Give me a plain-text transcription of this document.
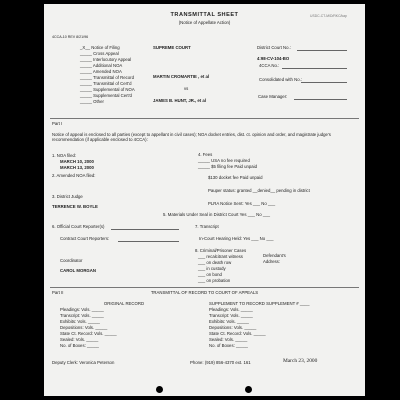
TRANSMITTAL SHEET
(Notice of Appellate Action)
USDC-CT-M/D/RKC/kap
4CCA-10 REV 8/21/96
_X__ Notice of Filing
_____ Cross Appeal
_____ Interlocutory Appeal
_____ Additional NOA
_____ Amended NOA
_____ Transmittal of Record
_____ Transmittal of Cert'd
_____ Supplemental of NOA
_____ Supplemental Cert'd
_____ Other
SUPREME COURT	District Court No.:
4:98-CV-104-BO
4CCA No.:
MARTIN CROMARTIE , et al
Consolidated with No.:
vs
JAMES B. HUNT, JR., et al
Case Manager:
Part I
Notice of appeal is enclosed to all parties (except to appellant in civil cases); NOA docket entries, dist. ct. opinion and order, and magistrate judge's recommendation (if applicable enclosed to 4CCA):
1. NOA filed:
MARCH 10, 2000
MARCH 13, 2000
2. Amended NOA filed:
4. Fees
_____ USA no fee required
_____ $5 filing fee Paid unpaid
$130 docket fee Paid unpaid
Pauper status: granted __denied__ pending in district
3. District Judge
TERRENCE W. BOYLE
PLRA Notice Sent: Yes ___ No ___
5. Materials Under Seal in District Court Yes ___ No ___
6. Official Court Reporter(s)	7. Transcript
Contract Court Reporters:	In-Court Hearing Held: Yes ___ No ___
8. Criminal/Prisoner Cases
___ recalcitrant witness
___ on death row
___ in custody
___ on bond
___ on probation
Defendant's
Address:
Coordinator
CAROL MORGAN
Part II	TRANSMITTAL OF RECORD TO COURT OF APPEALS
ORIGINAL RECORD
Pleadings: Vols. _____
Transcript: Vols. _____
Exhibits: Vols. _____
Depositions: Vols. _____
State Ct. Record: Vols. _____
Sealed: Vols. _____
No. of Boxes: _____
SUPPLEMENT TO RECORD SUPPLEMENT # ____
Pleadings: Vols. _____
Transcript: Vols. _____
Exhibits: Vols. _____
Depositions: Vols. _____
State Ct. Record: Vols. _____
Sealed: Vols. _____
No. of Boxes: _____
Deputy Clerk: Veronica Peterson	Phone: (919) 856-4370 ext. 161	March 23, 2000
